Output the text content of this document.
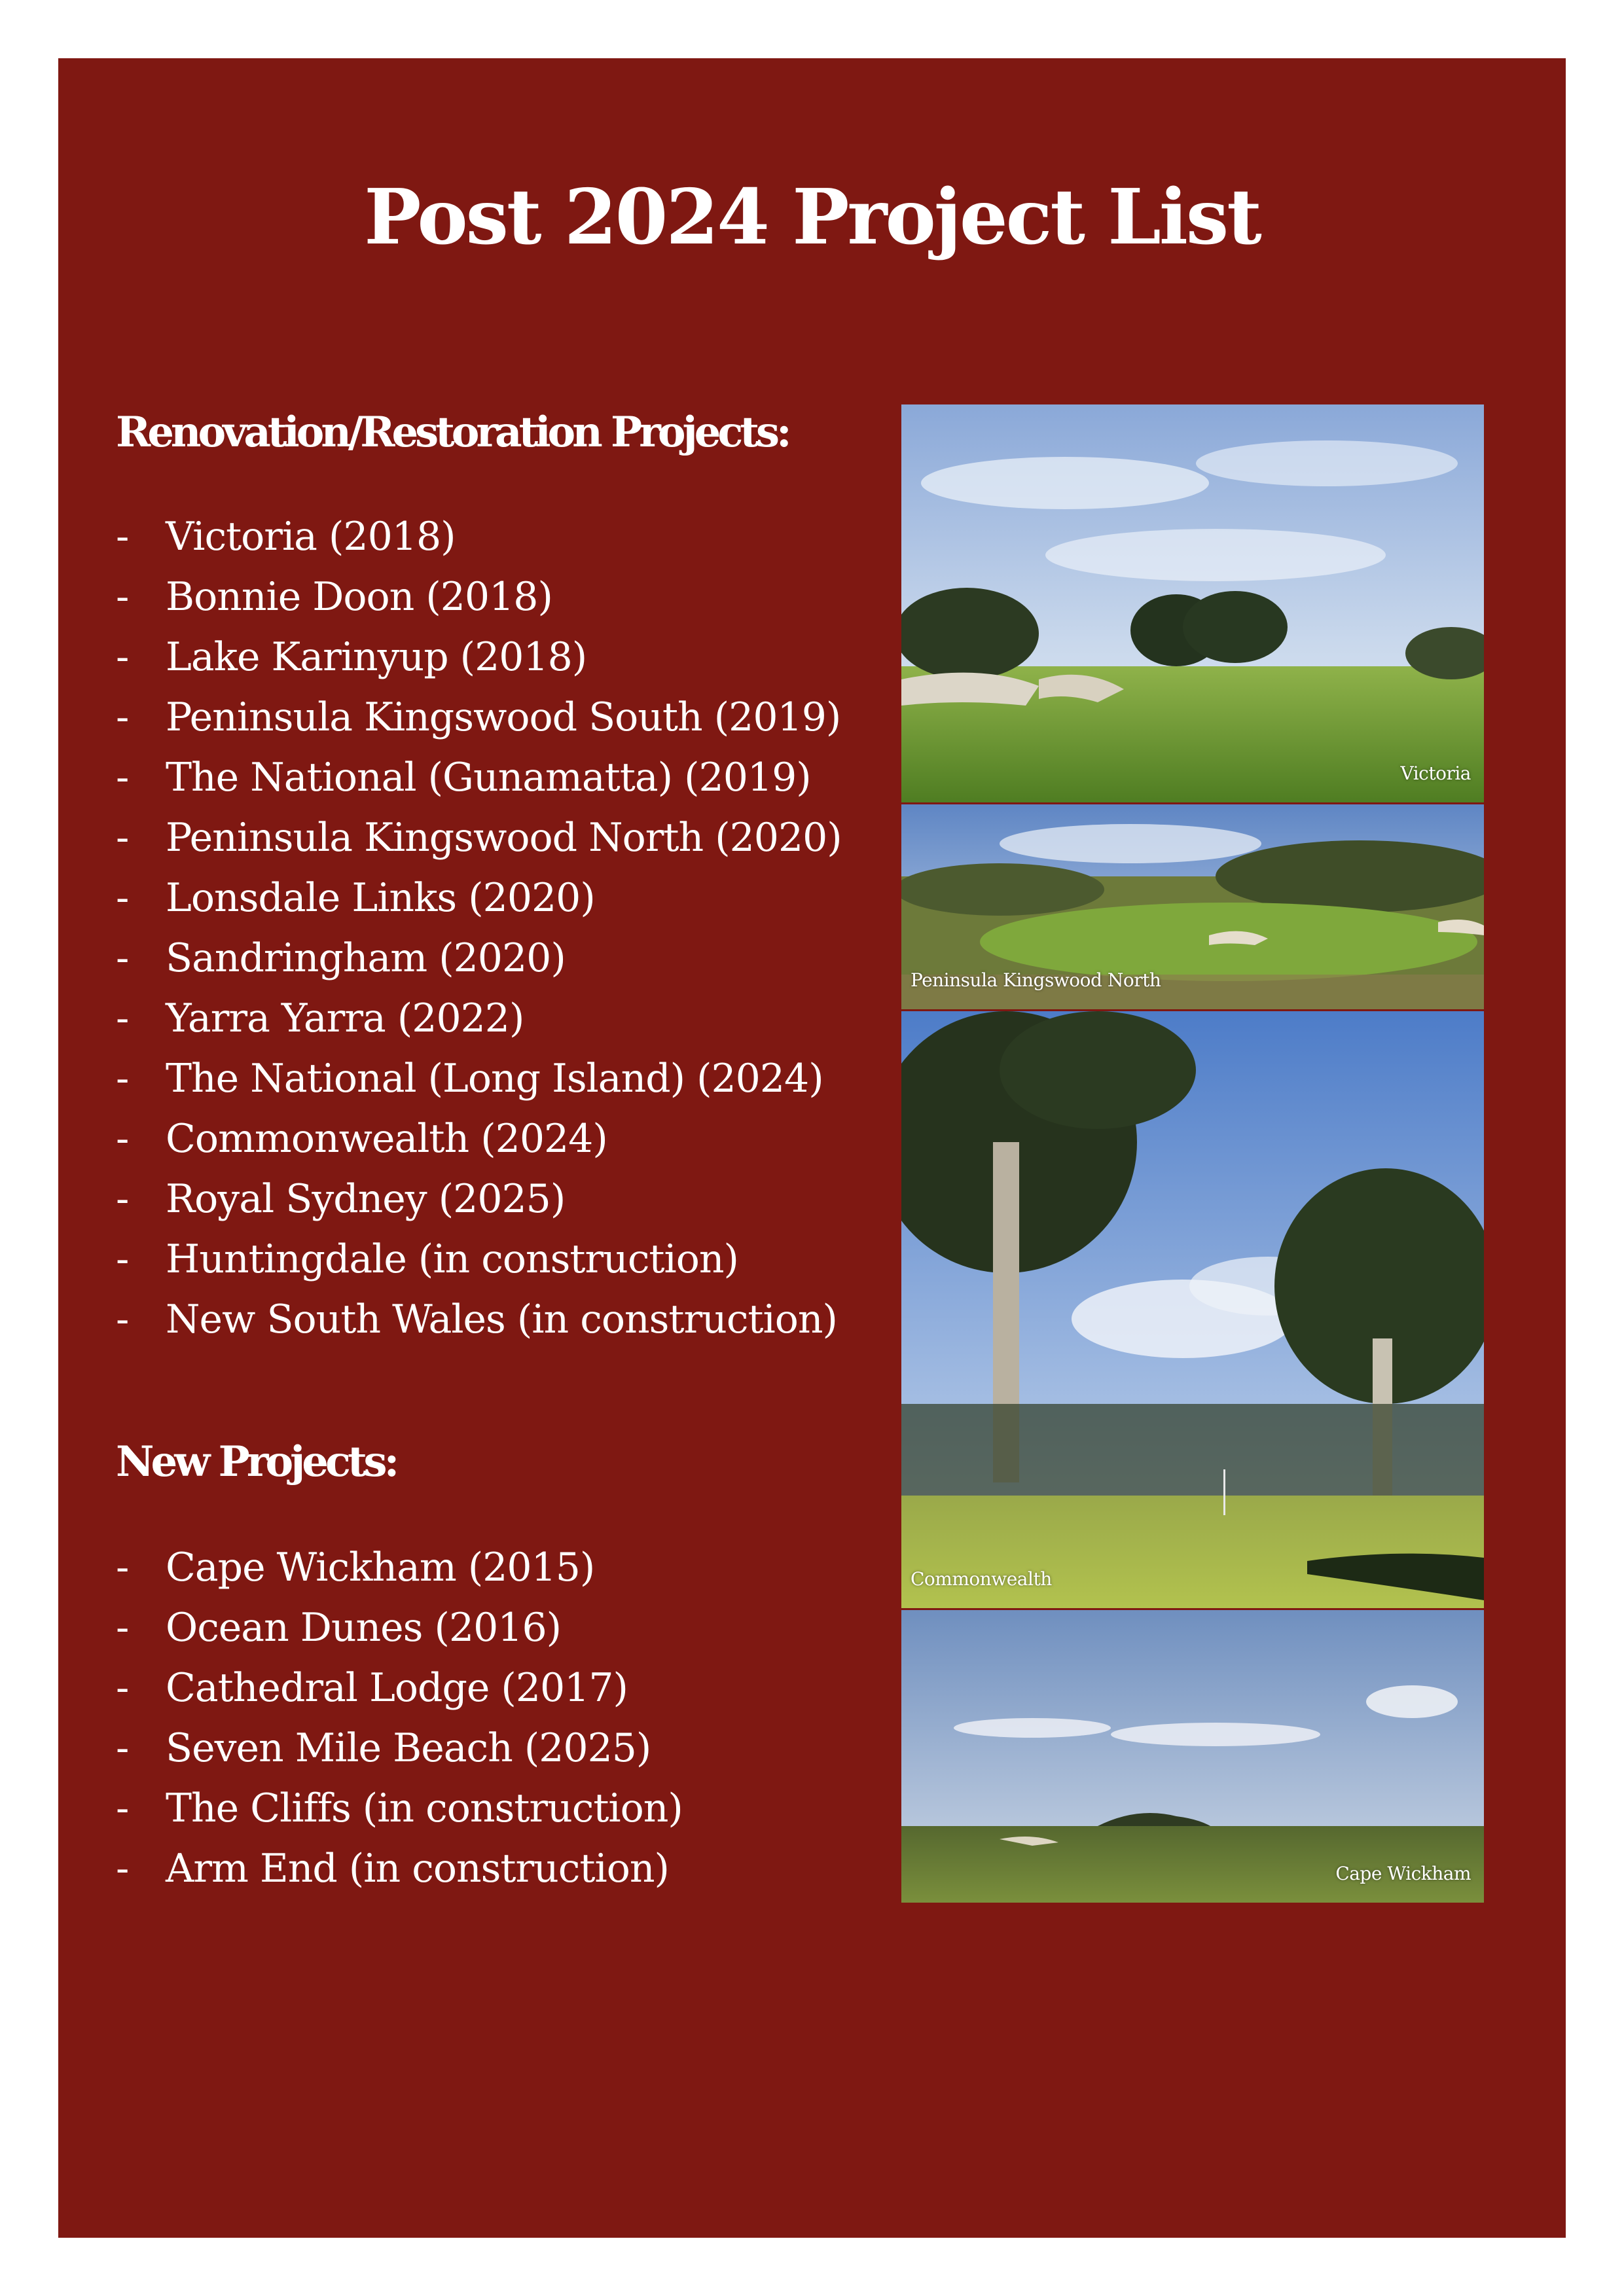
Post 2024 Project List
Renovation/Restoration Projects:
- Victoria (2018)
- Bonnie Doon (2018)
- Lake Karinyup (2018)
- Peninsula Kingswood South (2019)
- The National (Gunamatta) (2019)
- Peninsula Kingswood North (2020)
- Lonsdale Links (2020)
- Sandringham (2020)
- Yarra Yarra (2022)
- The National (Long Island) (2024)
- Commonwealth (2024)
- Royal Sydney (2025)
- Huntingdale (in construction)
- New South Wales (in construction)
New Projects:
- Cape Wickham (2015)
- Ocean Dunes (2016)
- Cathedral Lodge (2017)
- Seven Mile Beach (2025)
- The Cliffs (in construction)
- Arm End (in construction)
Victoria
Peninsula Kingswood North
Commonwealth
Cape Wickham
